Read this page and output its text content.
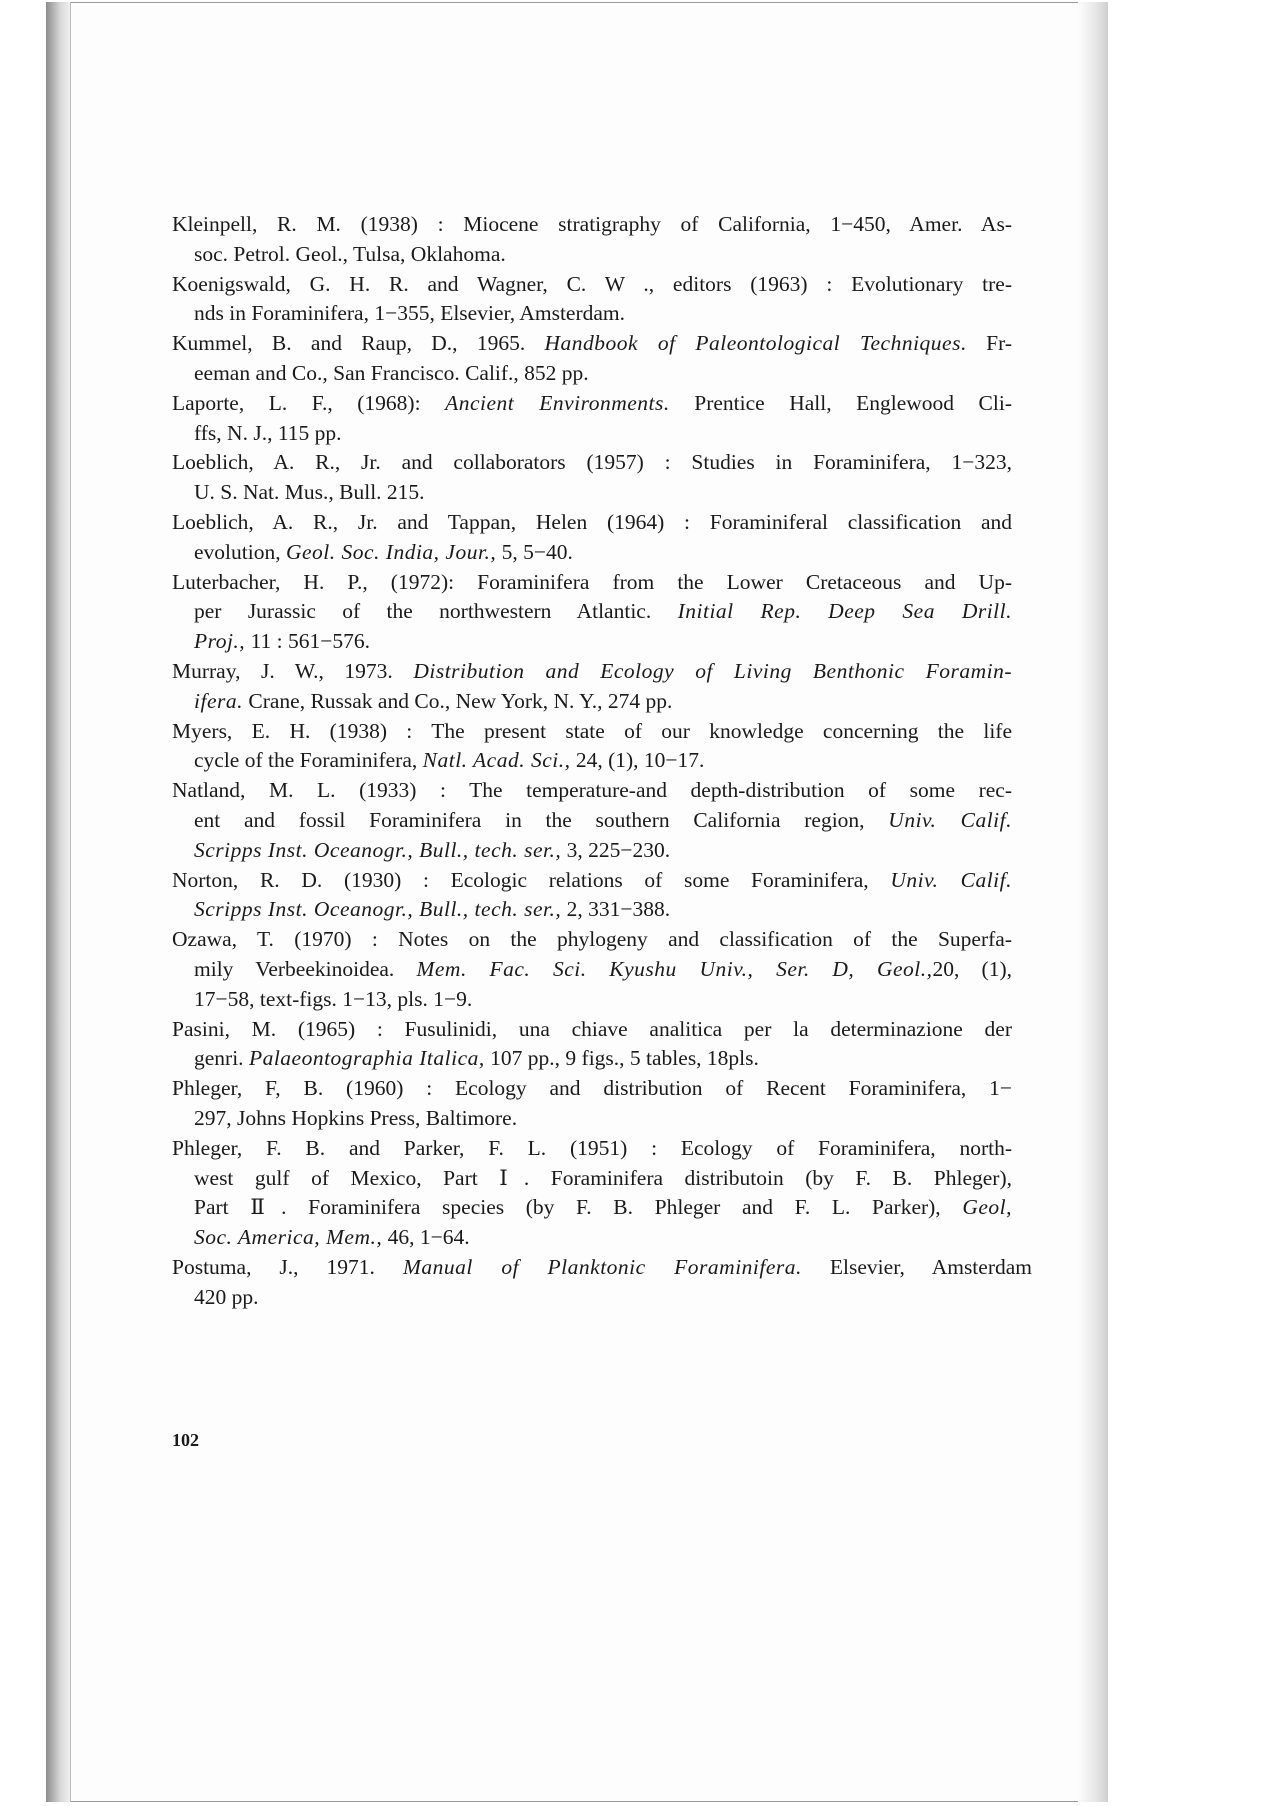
Kleinpell, R. M. (1938) : Miocene stratigraphy of California, 1−450, Amer. As-
soc. Petrol. Geol., Tulsa, Oklahoma.
Koenigswald, G. H. R. and Wagner, C. W ., editors (1963) : Evolutionary tre-
nds in Foraminifera, 1−355, Elsevier, Amsterdam.
Kummel, B. and Raup, D., 1965. Handbook of Paleontological Techniques. Fr-
eeman and Co., San Francisco. Calif., 852 pp.
Laporte, L. F., (1968): Ancient Environments. Prentice Hall, Englewood Cli-
ffs, N. J., 115 pp.
Loeblich, A. R., Jr. and collaborators (1957) : Studies in Foraminifera, 1−323,
U. S. Nat. Mus., Bull. 215.
Loeblich, A. R., Jr. and Tappan, Helen (1964) : Foraminiferal classification and
evolution, Geol. Soc. India, Jour., 5, 5−40.
Luterbacher, H. P., (1972): Foraminifera from the Lower Cretaceous and Up-
per Jurassic of the northwestern Atlantic. Initial Rep. Deep Sea Drill.
Proj., 11 : 561−576.
Murray, J. W., 1973. Distribution and Ecology of Living Benthonic Foramin-
ifera. Crane, Russak and Co., New York, N. Y., 274 pp.
Myers, E. H. (1938) : The present state of our knowledge concerning the life
cycle of the Foraminifera, Natl. Acad. Sci., 24, (1), 10−17.
Natland, M. L. (1933) : The temperature-and depth-distribution of some rec-
ent and fossil Foraminifera in the southern California region, Univ. Calif.
Scripps Inst. Oceanogr., Bull., tech. ser., 3, 225−230.
Norton, R. D. (1930) : Ecologic relations of some Foraminifera, Univ. Calif.
Scripps Inst. Oceanogr., Bull., tech. ser., 2, 331−388.
Ozawa, T. (1970) : Notes on the phylogeny and classification of the Superfa-
mily Verbeekinoidea. Mem. Fac. Sci. Kyushu Univ., Ser. D, Geol.,20, (1),
17−58, text-figs. 1−13, pls. 1−9.
Pasini, M. (1965) : Fusulinidi, una chiave analitica per la determinazione der
genri. Palaeontographia Italica, 107 pp., 9 figs., 5 tables, 18pls.
Phleger, F, B. (1960) : Ecology and distribution of Recent Foraminifera, 1−
297, Johns Hopkins Press, Baltimore.
Phleger, F. B. and Parker, F. L. (1951) : Ecology of Foraminifera, north-
west gulf of Mexico, Part Ⅰ. Foraminifera distributoin (by F. B. Phleger),
Part Ⅱ. Foraminifera species (by F. B. Phleger and F. L. Parker), Geol,
Soc. America, Mem., 46, 1−64.
Postuma, J., 1971. Manual of Planktonic Foraminifera. Elsevier, Amsterdam
420 pp.
102
